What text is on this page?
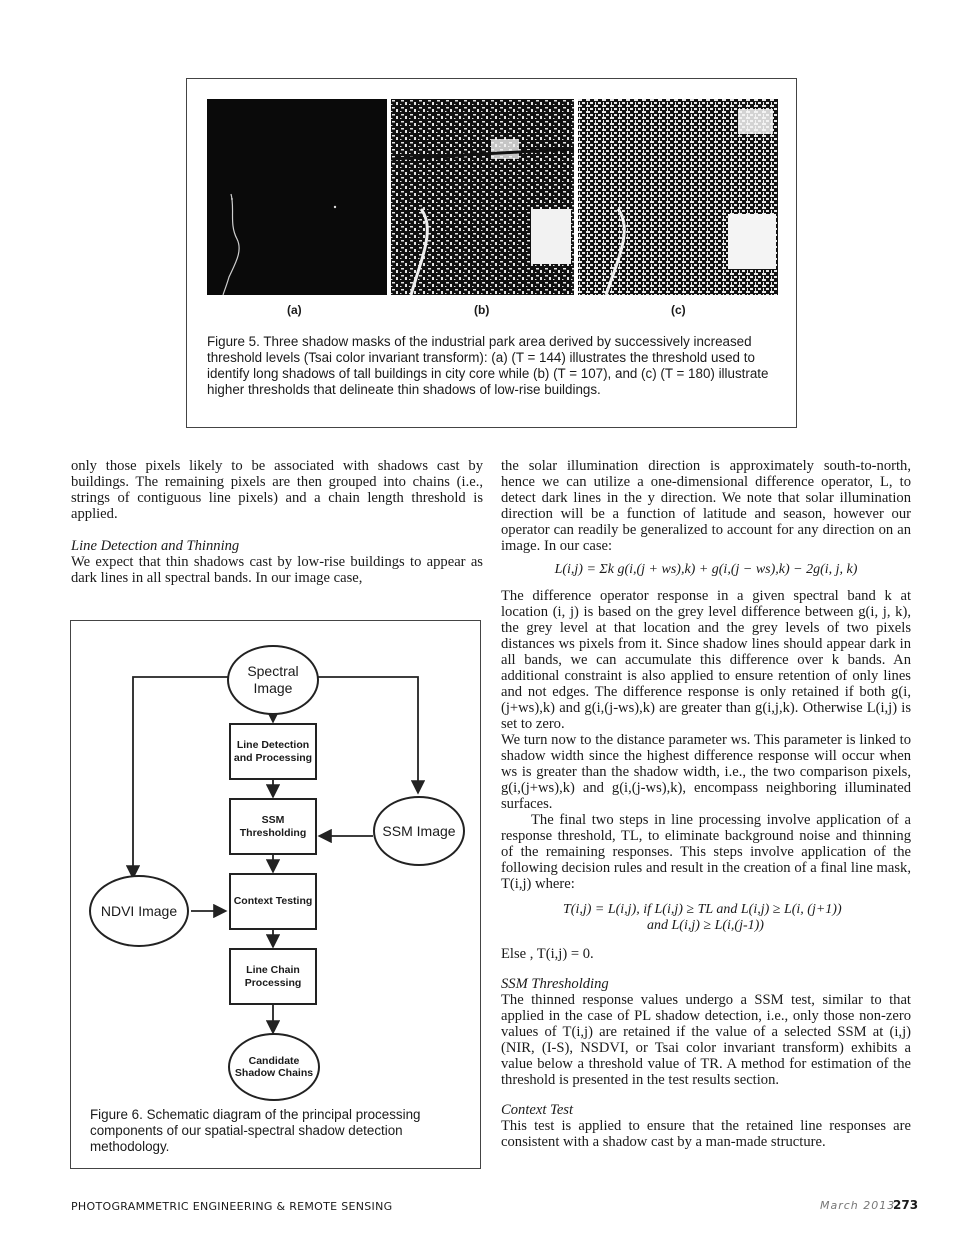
(a)	(b)	(c)
Figure 5. Three shadow masks of the industrial park area derived by successively increased threshold levels (Tsai color invariant transform): (a) (T = 144) illustrates the threshold used to identify long shadows of tall buildings in city core while (b) (T = 107), and (c) (T = 180) illustrate higher thresholds that delineate thin shadows of low-rise buildings.

only those pixels likely to be associated with shadows cast by buildings. The remaining pixels are then grouped into chains (i.e., strings of contiguous line pixels) and a chain length threshold is applied.

Line Detection and Thinning

We expect that thin shadows cast by low-rise buildings to appear as dark lines in all spectral bands. In our image case,

Spectral Image
Line Detection and Processing
SSM Thresholding	SSM Image
NDVI Image
Context Testing
Line Chain Processing
Candidate Shadow Chains
Figure 6. Schematic diagram of the principal processing components of our spatial-spectral shadow detection methodology.

the solar illumination direction is approximately south-to-north, hence we can utilize a one-dimensional difference operator, L, to detect dark lines in the y direction. We note that solar illumination direction will be a function of latitude and season, however our operator can readily be generalized to account for any direction on an image. In our case:

L(i,j) = Σk g(i,(j + ws),k) + g(i,(j − ws),k) − 2g(i, j, k)

The difference operator response in a given spectral band k at location (i, j) is based on the grey level difference between g(i, j, k), the grey level at that location and the grey levels of two pixels distances ws pixels from it. Since shadow lines should appear dark in all bands, we can accumulate this difference over k bands. An additional constraint is also applied to ensure retention of only lines and not edges. The difference response is only retained if both g(i,(j+ws),k) and g(i,(j-ws),k) are greater than g(i,j,k). Otherwise L(i,j) is set to zero.

We turn now to the distance parameter ws. This parameter is linked to shadow width since the highest difference response will occur when ws is greater than the shadow width, i.e., the two comparison pixels, g(i,(j+ws),k) and g(i,(j-ws),k), encompass neighboring illuminated surfaces.

The final two steps in line processing involve application of a response threshold, TL, to eliminate background noise and thinning of the remaining responses. This steps involve application of the following decision rules and result in the creation of a final line mask, T(i,j) where:

T(i,j) = L(i,j), if L(i,j) ≥ TL and L(i,j) ≥ L(i, (j+1))

and L(i,j) ≥ L(i,(j-1))

Else , T(i,j) = 0.

SSM Thresholding

The thinned response values undergo a SSM test, similar to that applied in the case of PL shadow detection, i.e., only those non-zero values of T(i,j) are retained if the value of a selected SSM at (i,j) (NIR, (I-S), NSDVI, or Tsai color invariant transform) exhibits a value below a threshold value of TR. A method for estimation of the threshold is presented in the test results section.

Context Test

This test is applied to ensure that the retained line responses are consistent with a shadow cast by a man-made structure.

PHOTOGRAMMETRIC ENGINEERING & REMOTE SENSING	March 2013
273
